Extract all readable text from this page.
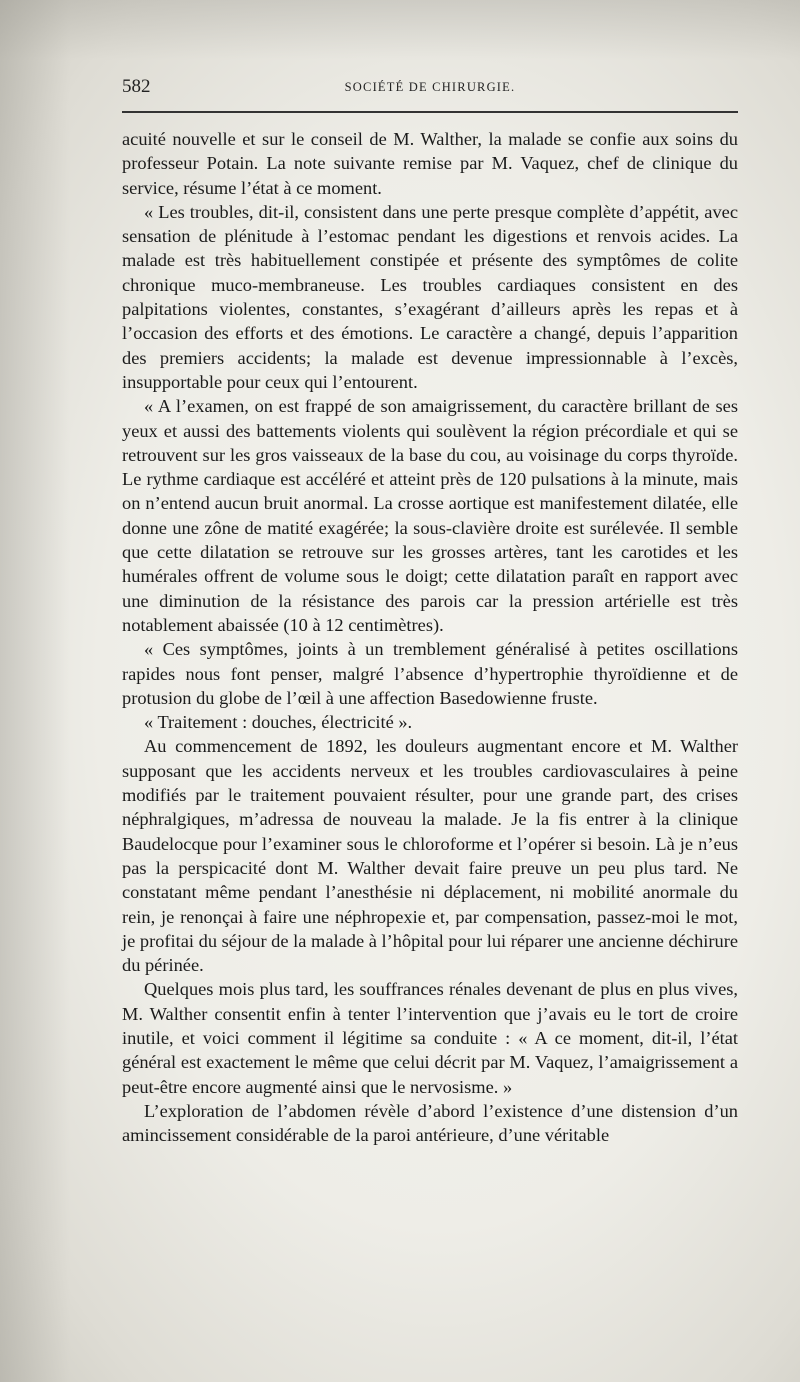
582	SOCIÉTÉ DE CHIRURGIE.

acuité nouvelle et sur le conseil de M. Walther, la malade se confie aux soins du professeur Potain. La note suivante remise par M. Vaquez, chef de clinique du service, résume l’état à ce moment.

« Les troubles, dit-il, consistent dans une perte presque complète d’appétit, avec sensation de plénitude à l’estomac pendant les digestions et renvois acides. La malade est très habituellement constipée et présente des symptômes de colite chronique muco-membraneuse. Les troubles cardiaques consistent en des palpitations violentes, constantes, s’exagérant d’ailleurs après les repas et à l’occasion des efforts et des émotions. Le caractère a changé, depuis l’apparition des premiers accidents; la malade est devenue impressionnable à l’excès, insupportable pour ceux qui l’entourent.

« A l’examen, on est frappé de son amaigrissement, du caractère brillant de ses yeux et aussi des battements violents qui soulèvent la région précordiale et qui se retrouvent sur les gros vaisseaux de la base du cou, au voisinage du corps thyroïde. Le rythme cardiaque est accéléré et atteint près de 120 pulsations à la minute, mais on n’entend aucun bruit anormal. La crosse aortique est manifestement dilatée, elle donne une zône de matité exagérée; la sous-clavière droite est surélevée. Il semble que cette dilatation se retrouve sur les grosses artères, tant les carotides et les humérales offrent de volume sous le doigt; cette dilatation paraît en rapport avec une diminution de la résistance des parois car la pression artérielle est très notablement abaissée (10 à 12 centimètres).

« Ces symptômes, joints à un tremblement généralisé à petites oscillations rapides nous font penser, malgré l’absence d’hypertrophie thyroïdienne et de protusion du globe de l’œil à une affection Basedowienne fruste.

« Traitement : douches, électricité ».

Au commencement de 1892, les douleurs augmentant encore et M. Walther supposant que les accidents nerveux et les troubles cardiovasculaires à peine modifiés par le traitement pouvaient résulter, pour une grande part, des crises néphralgiques, m’adressa de nouveau la malade. Je la fis entrer à la clinique Baudelocque pour l’examiner sous le chloroforme et l’opérer si besoin. Là je n’eus pas la perspicacité dont M. Walther devait faire preuve un peu plus tard. Ne constatant même pendant l’anesthésie ni déplacement, ni mobilité anormale du rein, je renonçai à faire une néphropexie et, par compensation, passez-moi le mot, je profitai du séjour de la malade à l’hôpital pour lui réparer une ancienne déchirure du périnée.

Quelques mois plus tard, les souffrances rénales devenant de plus en plus vives, M. Walther consentit enfin à tenter l’intervention que j’avais eu le tort de croire inutile, et voici comment il légitime sa conduite : « A ce moment, dit-il, l’état général est exactement le même que celui décrit par M. Vaquez, l’amaigrissement a peut-être encore augmenté ainsi que le nervosisme. »

L’exploration de l’abdomen révèle d’abord l’existence d’une distension d’un amincissement considérable de la paroi antérieure, d’une véritable
